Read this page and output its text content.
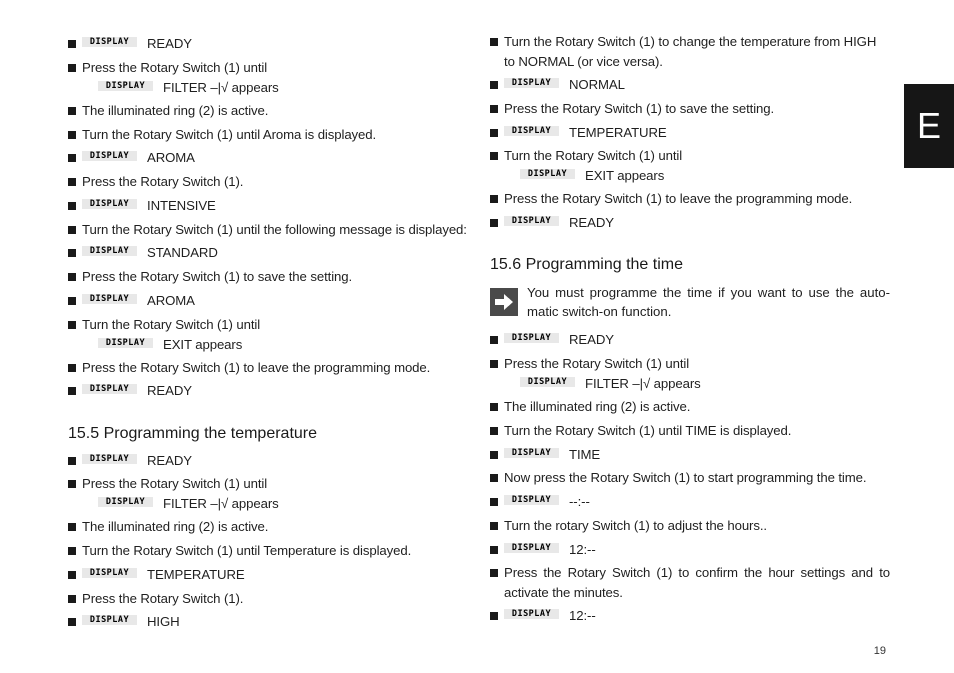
DISPLAY READY
Press the Rotary Switch (1) until
DISPLAY FILTER –|√ appears
The illuminated ring (2) is active.
Turn the Rotary Switch (1) until Aroma is displayed.
DISPLAY AROMA
Press the Rotary Switch (1).
DISPLAY INTENSIVE
Turn the Rotary Switch (1) until the following message is displayed:
DISPLAY STANDARD
Press the Rotary Switch (1) to save the setting.
DISPLAY AROMA
Turn the Rotary Switch (1) until
DISPLAY EXIT appears
Press the Rotary Switch (1) to leave the programming mode.
DISPLAY READY
15.5 Programming the temperature
DISPLAY READY
Press the Rotary Switch (1) until
DISPLAY FILTER –|√ appears
The illuminated ring (2) is active.
Turn the Rotary Switch (1) until Temperature is displayed.
DISPLAY TEMPERATURE
Press the Rotary Switch (1).
DISPLAY HIGH
Turn the Rotary Switch (1) to change the temperature from HIGH to NORMAL (or vice versa).
DISPLAY NORMAL
Press the Rotary Switch (1) to save the setting.
DISPLAY TEMPERATURE
Turn the Rotary Switch (1) until
DISPLAY EXIT appears
Press the Rotary Switch (1) to leave the programming mode.
DISPLAY READY
15.6 Programming the time
You must programme the time if you want to use the auto-matic switch-on function.
DISPLAY READY
Press the Rotary Switch (1) until
DISPLAY FILTER –|√ appears
The illuminated ring (2) is active.
Turn the Rotary Switch (1) until TIME is displayed.
DISPLAY TIME
Now press the Rotary Switch (1) to start programming the time.
DISPLAY --:--
Turn the rotary Switch (1) to adjust the hours..
DISPLAY 12:--
Press the Rotary Switch (1) to confirm the hour settings and to activate the minutes.
DISPLAY 12:--
E
19
